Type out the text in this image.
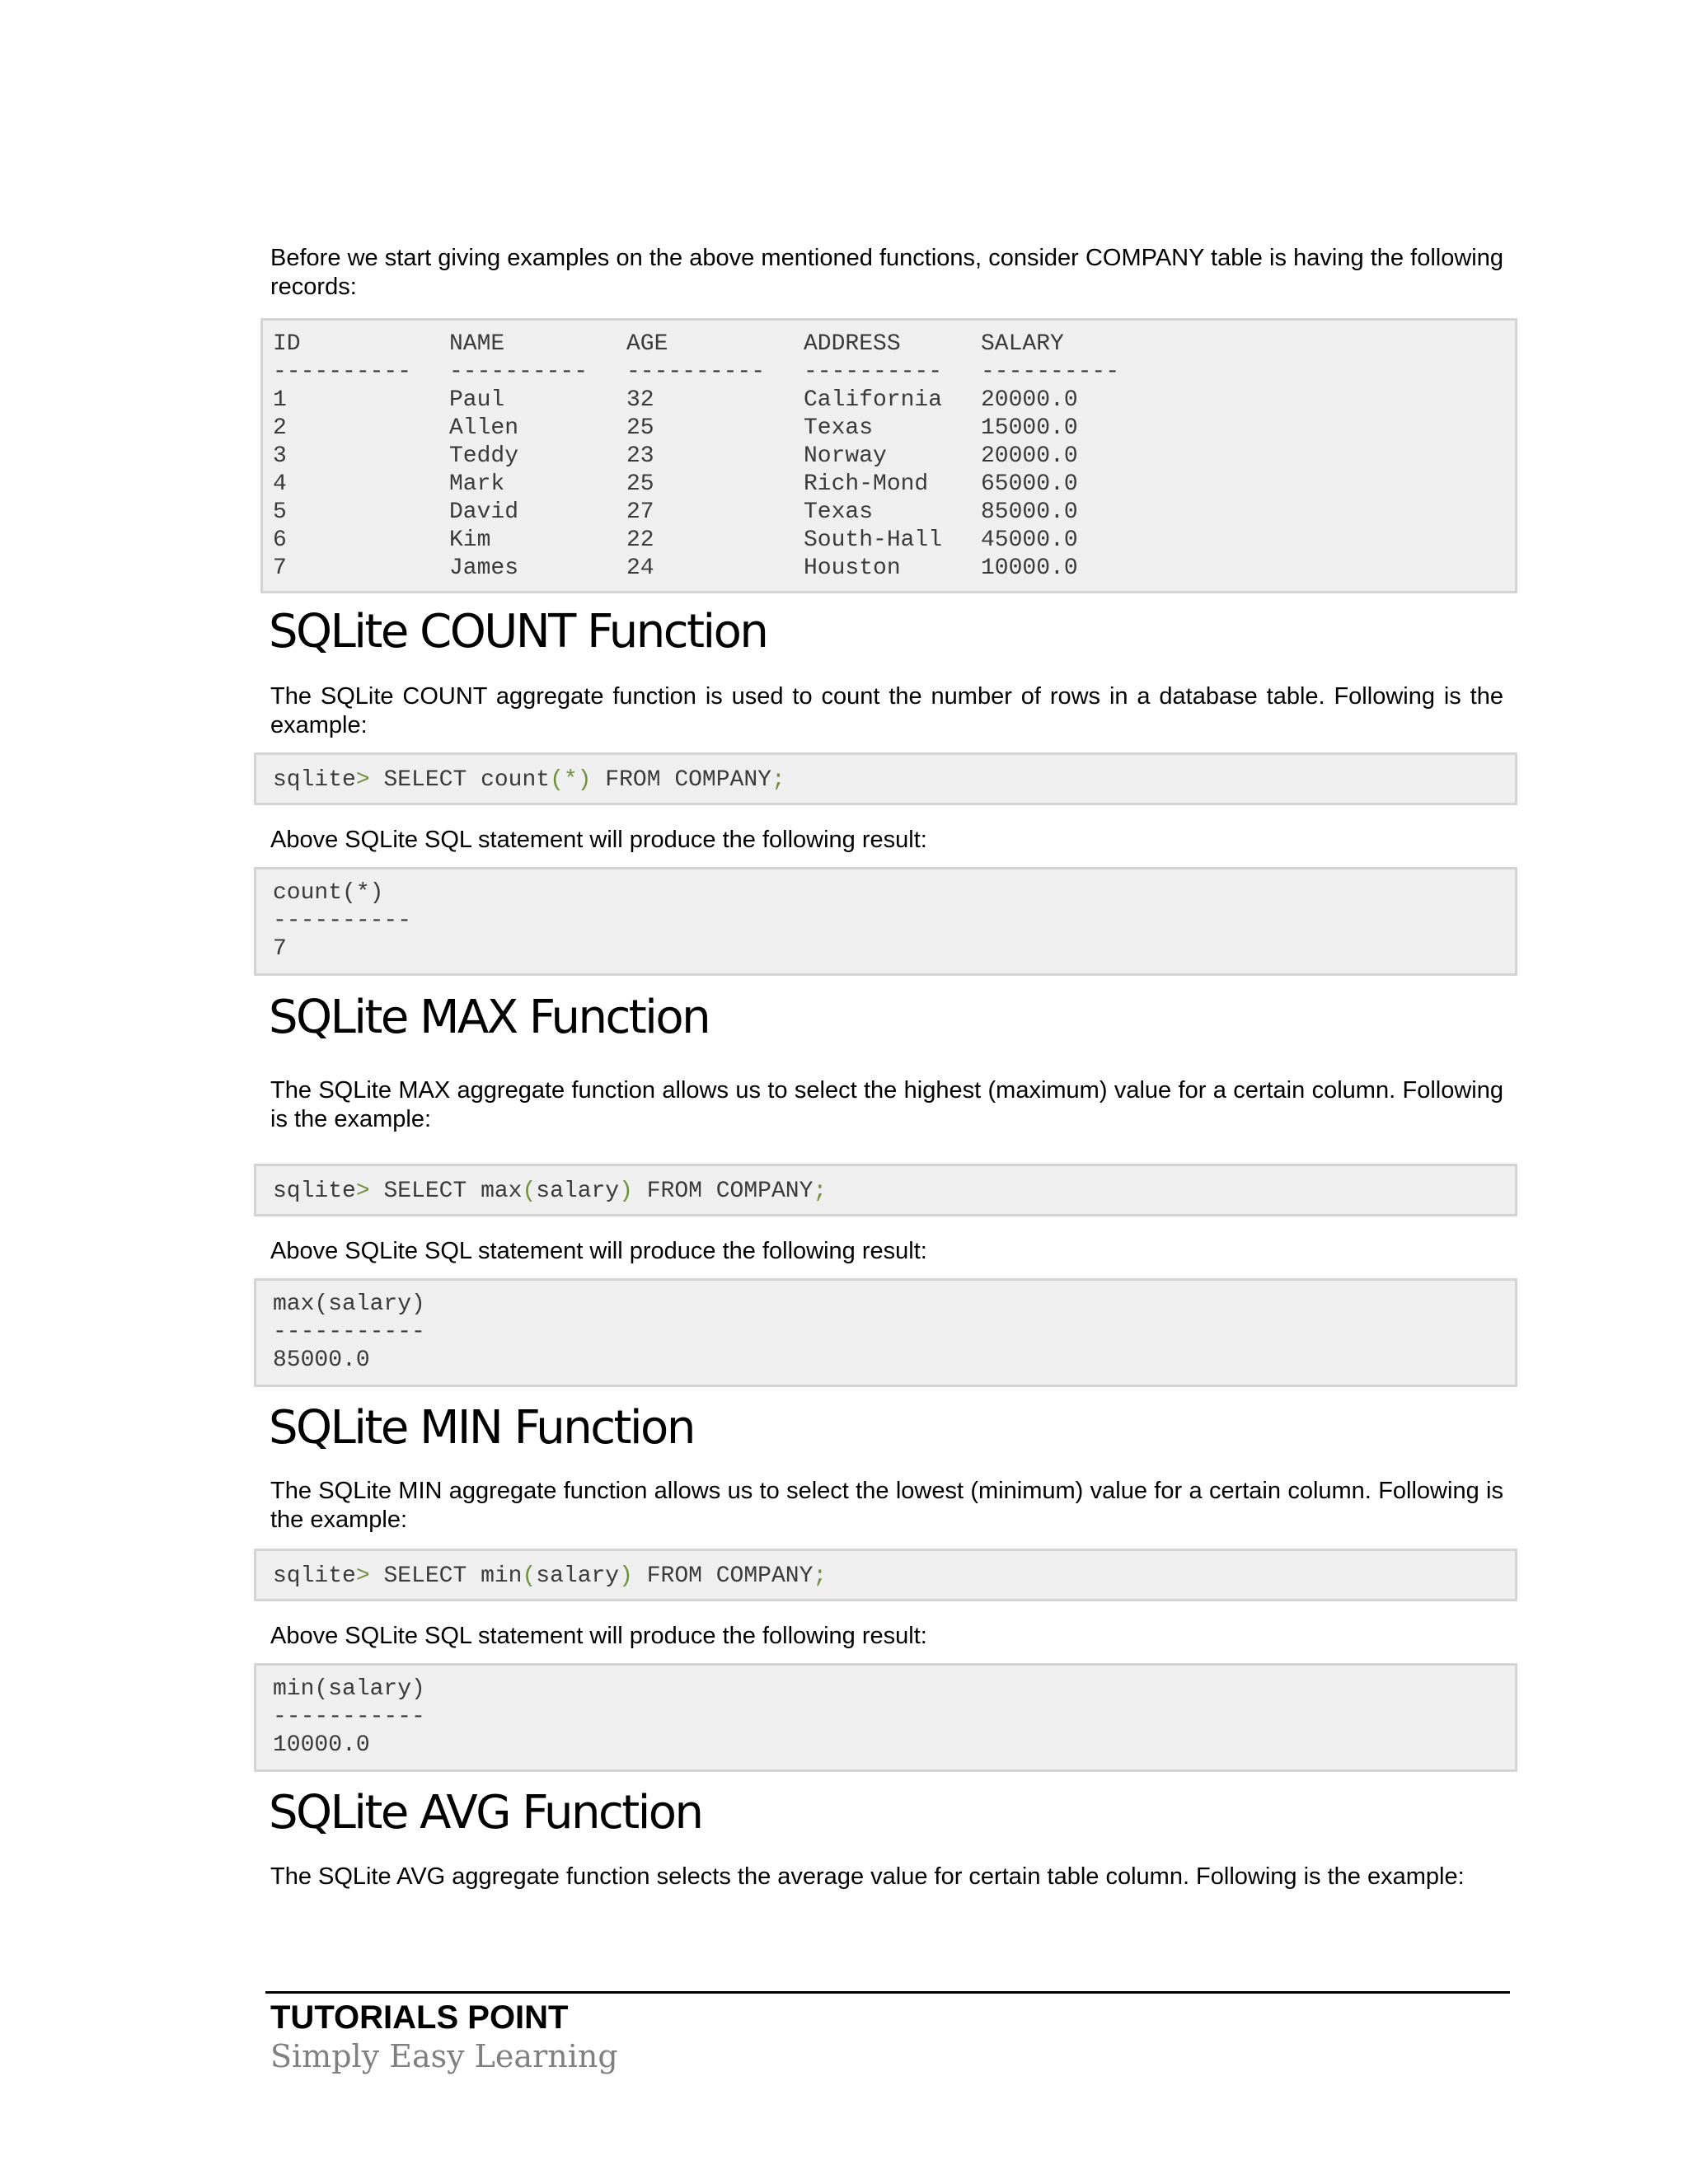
Before we start giving examples on the above mentioned functions, consider COMPANY table is having the following records:

ID	NAME	AGE	ADDRESS	SALARY
---------- ---------- ---------- ---------- ----------
1	Paul	32	California 20000.0
2	Allen	25	Texas	15000.0
3	Teddy	23	Norway	20000.0
4	Mark	25	Rich-Mond 65000.0
5	David	27	Texas	85000.0
6	Kim	22	South-Hall 45000.0
7	James	24	Houston	10000.0
SQLite COUNT Function

The SQLite COUNT aggregate function is used to count the number of rows in a database table. Following is the example:

sqlite> SELECT count(*) FROM COMPANY;

Above SQLite SQL statement will produce the following result:

count(*)
----------
7
SQLite MAX Function

The SQLite MAX aggregate function allows us to select the highest (maximum) value for a certain column. Following is the example:

sqlite> SELECT max(salary) FROM COMPANY;

Above SQLite SQL statement will produce the following result:

max(salary)
-----------
85000.0
SQLite MIN Function

The SQLite MIN aggregate function allows us to select the lowest (minimum) value for a certain column. Following is the example:

sqlite> SELECT min(salary) FROM COMPANY;

Above SQLite SQL statement will produce the following result:

min(salary)
-----------
10000.0
SQLite AVG Function

The SQLite AVG aggregate function selects the average value for certain table column. Following is the example:

TUTORIALS POINT
Simply Easy Learning
